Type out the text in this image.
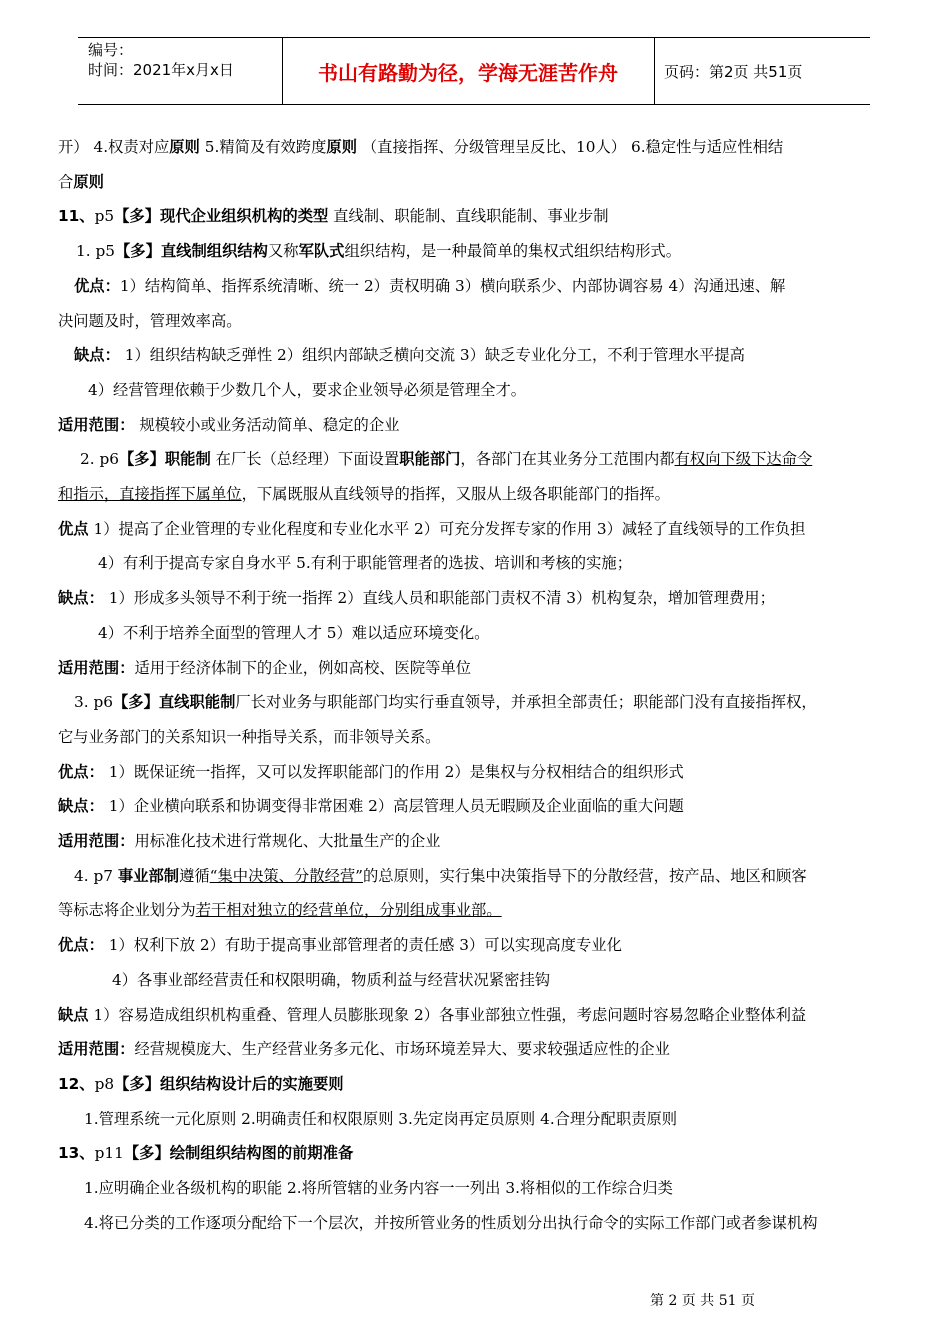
编号：
时间：2021年x月x日	书山有路勤为径，学海无涯苦作舟	页码：第2页 共51页
开） 4.权责对应原则 5.精简及有效跨度原则 （直接指挥、分级管理呈反比、10人） 6.稳定性与适应性相结
合原则
11、p5【多】现代企业组织机构的类型 直线制、职能制、直线职能制、事业步制
1. p5【多】直线制组织结构又称军队式组织结构，是一种最简单的集权式组织结构形式。
优点：1）结构简单、指挥系统清晰、统一 2）责权明确 3）横向联系少、内部协调容易 4）沟通迅速、解
决问题及时，管理效率高。
缺点： 1）组织结构缺乏弹性 2）组织内部缺乏横向交流 3）缺乏专业化分工，不利于管理水平提高
4）经营管理依赖于少数几个人，要求企业领导必须是管理全才。
适用范围： 规模较小或业务活动简单、稳定的企业
2. p6【多】职能制 在厂长（总经理）下面设置职能部门，各部门在其业务分工范围内都有权向下级下达命令
和指示，直接指挥下属单位，下属既服从直线领导的指挥，又服从上级各职能部门的指挥。
优点 1）提高了企业管理的专业化程度和专业化水平 2）可充分发挥专家的作用 3）减轻了直线领导的工作负担
4）有利于提高专家自身水平 5.有利于职能管理者的选拔、培训和考核的实施；
缺点： 1）形成多头领导不利于统一指挥 2）直线人员和职能部门责权不清 3）机构复杂，增加管理费用；
4）不利于培养全面型的管理人才 5）难以适应环境变化。
适用范围：适用于经济体制下的企业，例如高校、医院等单位
3. p6【多】直线职能制厂长对业务与职能部门均实行垂直领导，并承担全部责任；职能部门没有直接指挥权，
它与业务部门的关系知识一种指导关系，而非领导关系。
优点： 1）既保证统一指挥，又可以发挥职能部门的作用 2）是集权与分权相结合的组织形式
缺点： 1）企业横向联系和协调变得非常困难 2）高层管理人员无暇顾及企业面临的重大问题
适用范围：用标准化技术进行常规化、大批量生产的企业
4. p7 事业部制遵循“集中决策、分散经营”的总原则，实行集中决策指导下的分散经营，按产品、地区和顾客
等标志将企业划分为若干相对独立的经营单位，分别组成事业部。
优点： 1）权利下放 2）有助于提高事业部管理者的责任感 3）可以实现高度专业化
4）各事业部经营责任和权限明确，物质利益与经营状况紧密挂钩
缺点 1）容易造成组织机构重叠、管理人员膨胀现象 2）各事业部独立性强，考虑问题时容易忽略企业整体利益
适用范围：经营规模庞大、生产经营业务多元化、市场环境差异大、要求较强适应性的企业
12、p8【多】组织结构设计后的实施要则
1.管理系统一元化原则 2.明确责任和权限原则 3.先定岗再定员原则 4.合理分配职责原则
13、p11【多】绘制组织结构图的前期准备
1.应明确企业各级机构的职能 2.将所管辖的业务内容一一列出 3.将相似的工作综合归类
4.将已分类的工作逐项分配给下一个层次，并按所管业务的性质划分出执行命令的实际工作部门或者参谋机构
第 2 页 共 51 页
